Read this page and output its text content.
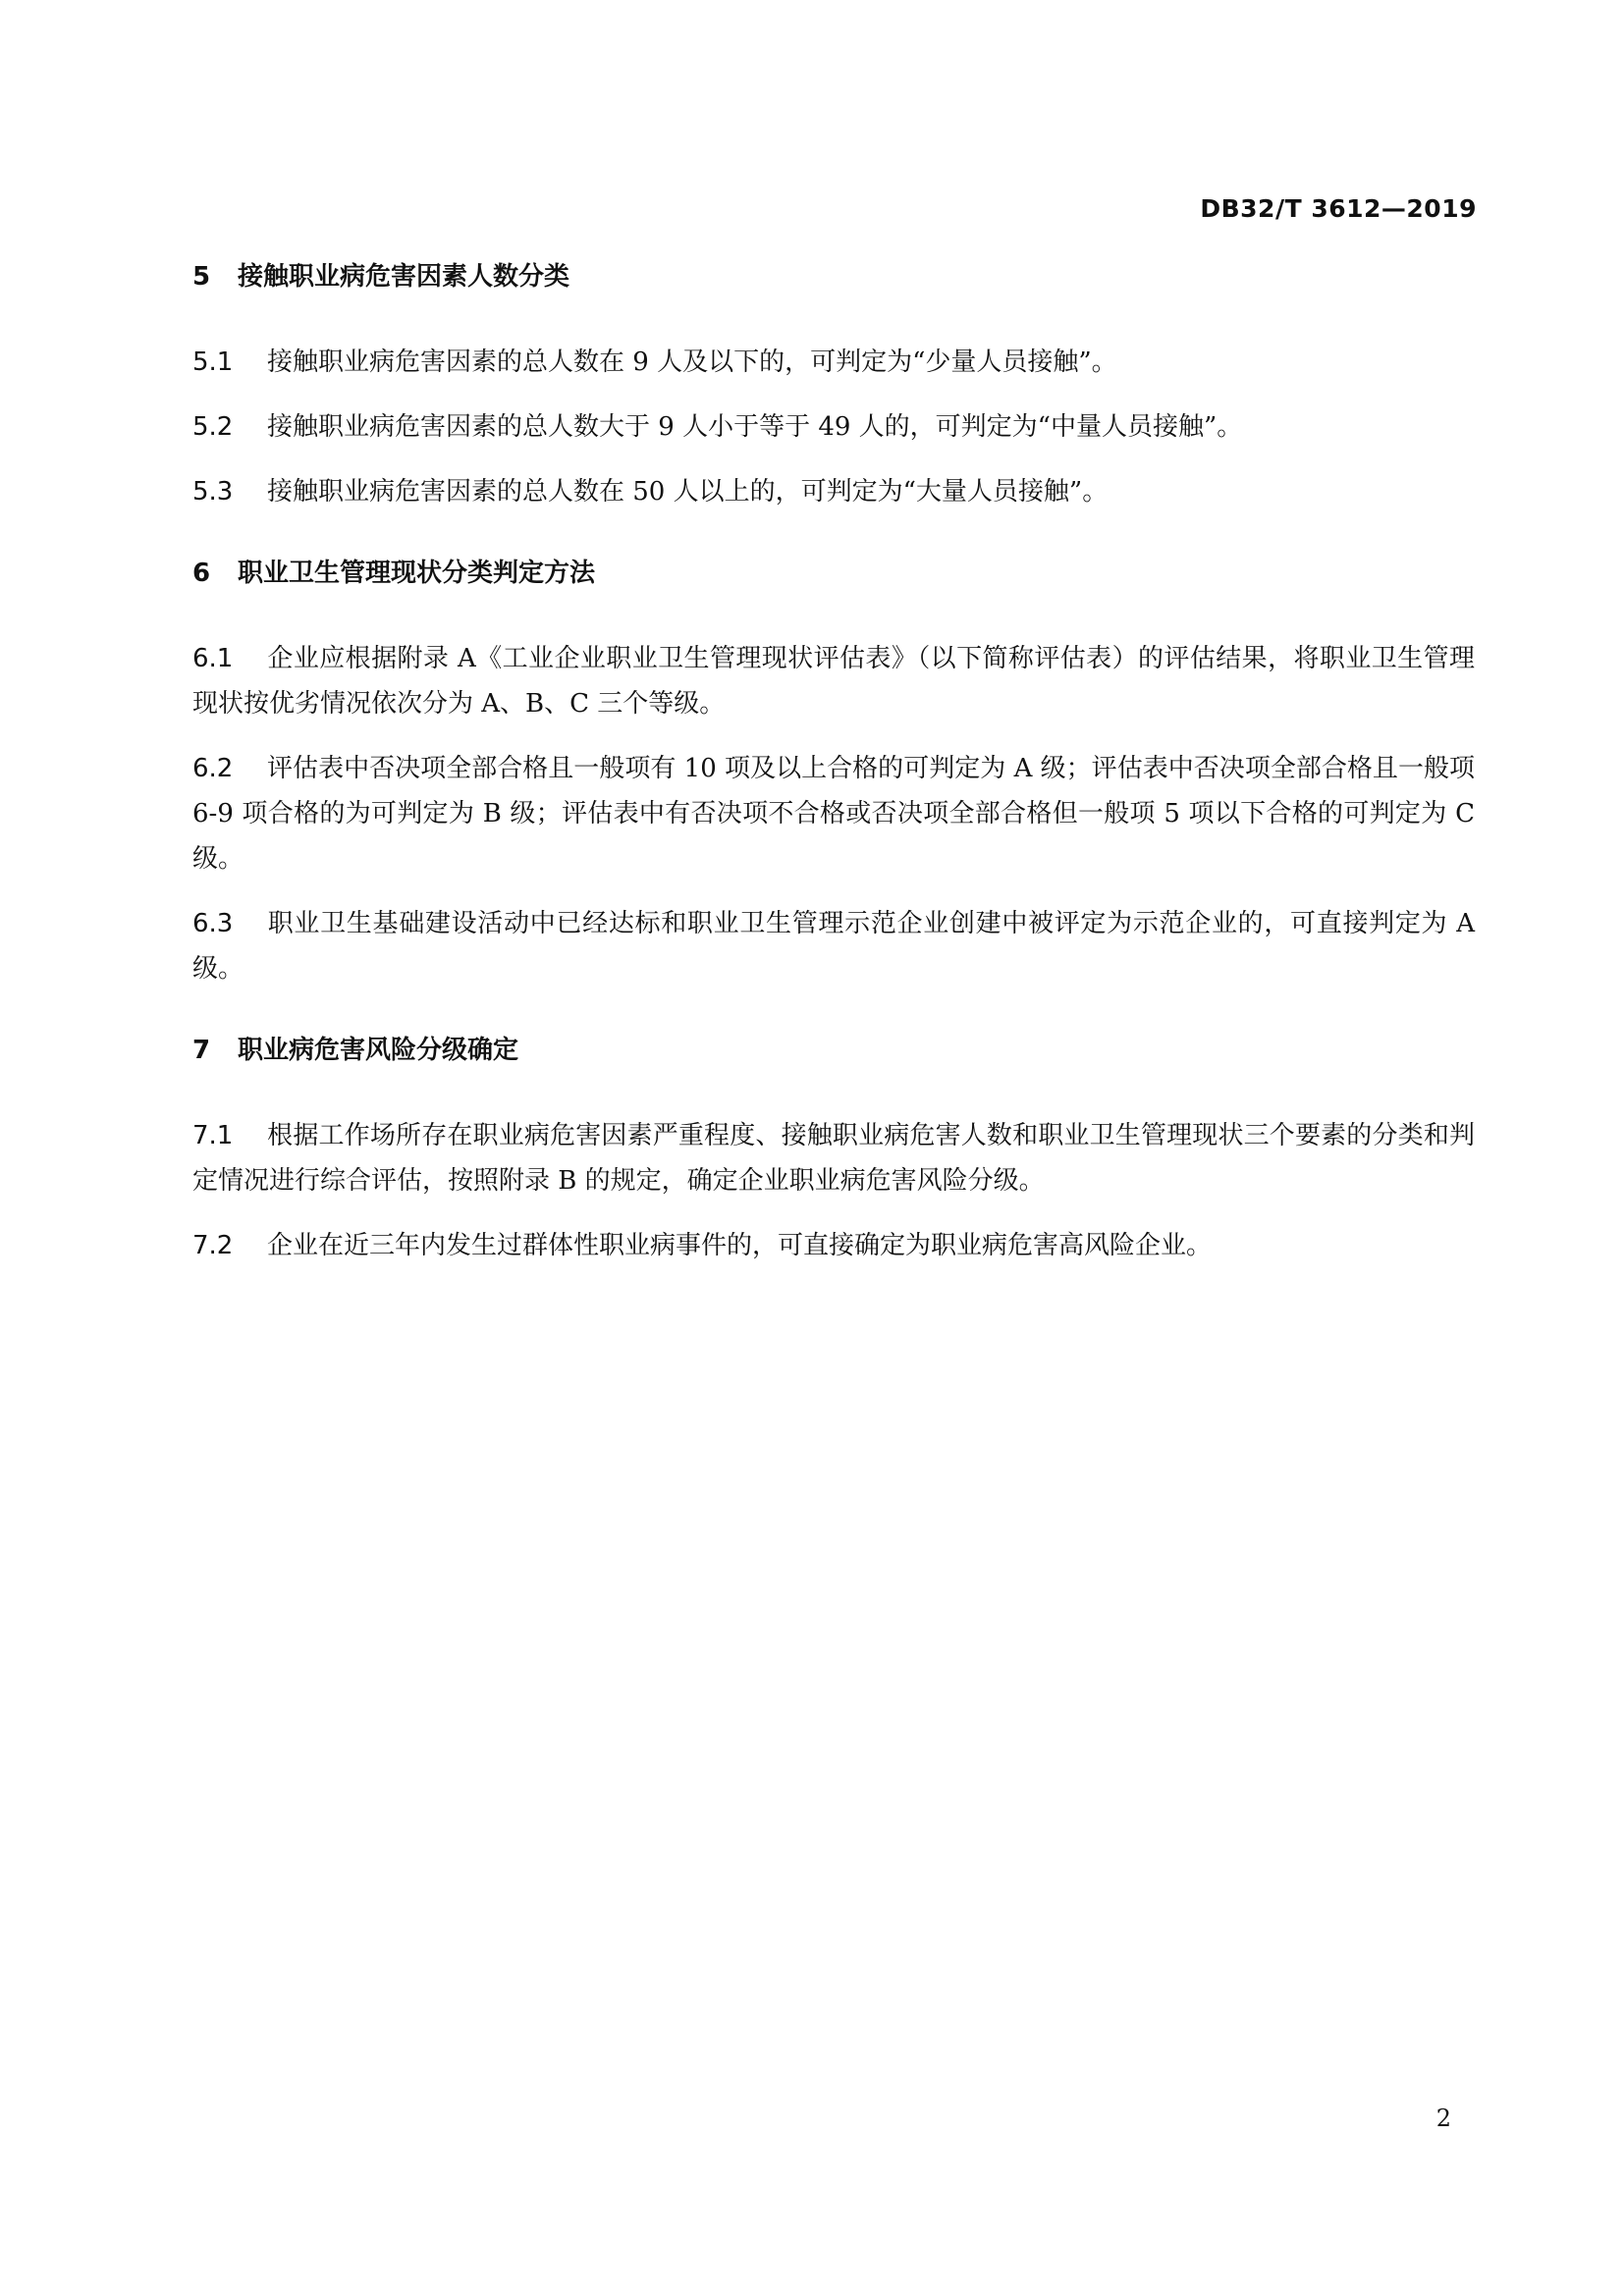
DB32/T 3612—2019
5 接触职业病危害因素人数分类

5.1 接触职业病危害因素的总人数在 9 人及以下的，可判定为“少量人员接触”。

5.2 接触职业病危害因素的总人数大于 9 人小于等于 49 人的，可判定为“中量人员接触”。

5.3 接触职业病危害因素的总人数在 50 人以上的，可判定为“大量人员接触”。

6 职业卫生管理现状分类判定方法

6.1 企业应根据附录 A《工业企业职业卫生管理现状评估表》（以下简称评估表）的评估结果，将职业卫生管理现状按优劣情况依次分为 A、B、C 三个等级。

6.2 评估表中否决项全部合格且一般项有 10 项及以上合格的可判定为 A 级；评估表中否决项全部合格且一般项 6-9 项合格的为可判定为 B 级；评估表中有否决项不合格或否决项全部合格但一般项 5 项以下合格的可判定为 C 级。

6.3 职业卫生基础建设活动中已经达标和职业卫生管理示范企业创建中被评定为示范企业的，可直接判定为 A 级。

7 职业病危害风险分级确定

7.1 根据工作场所存在职业病危害因素严重程度、接触职业病危害人数和职业卫生管理现状三个要素的分类和判定情况进行综合评估，按照附录 B 的规定，确定企业职业病危害风险分级。

7.2 企业在近三年内发生过群体性职业病事件的，可直接确定为职业病危害高风险企业。

2
